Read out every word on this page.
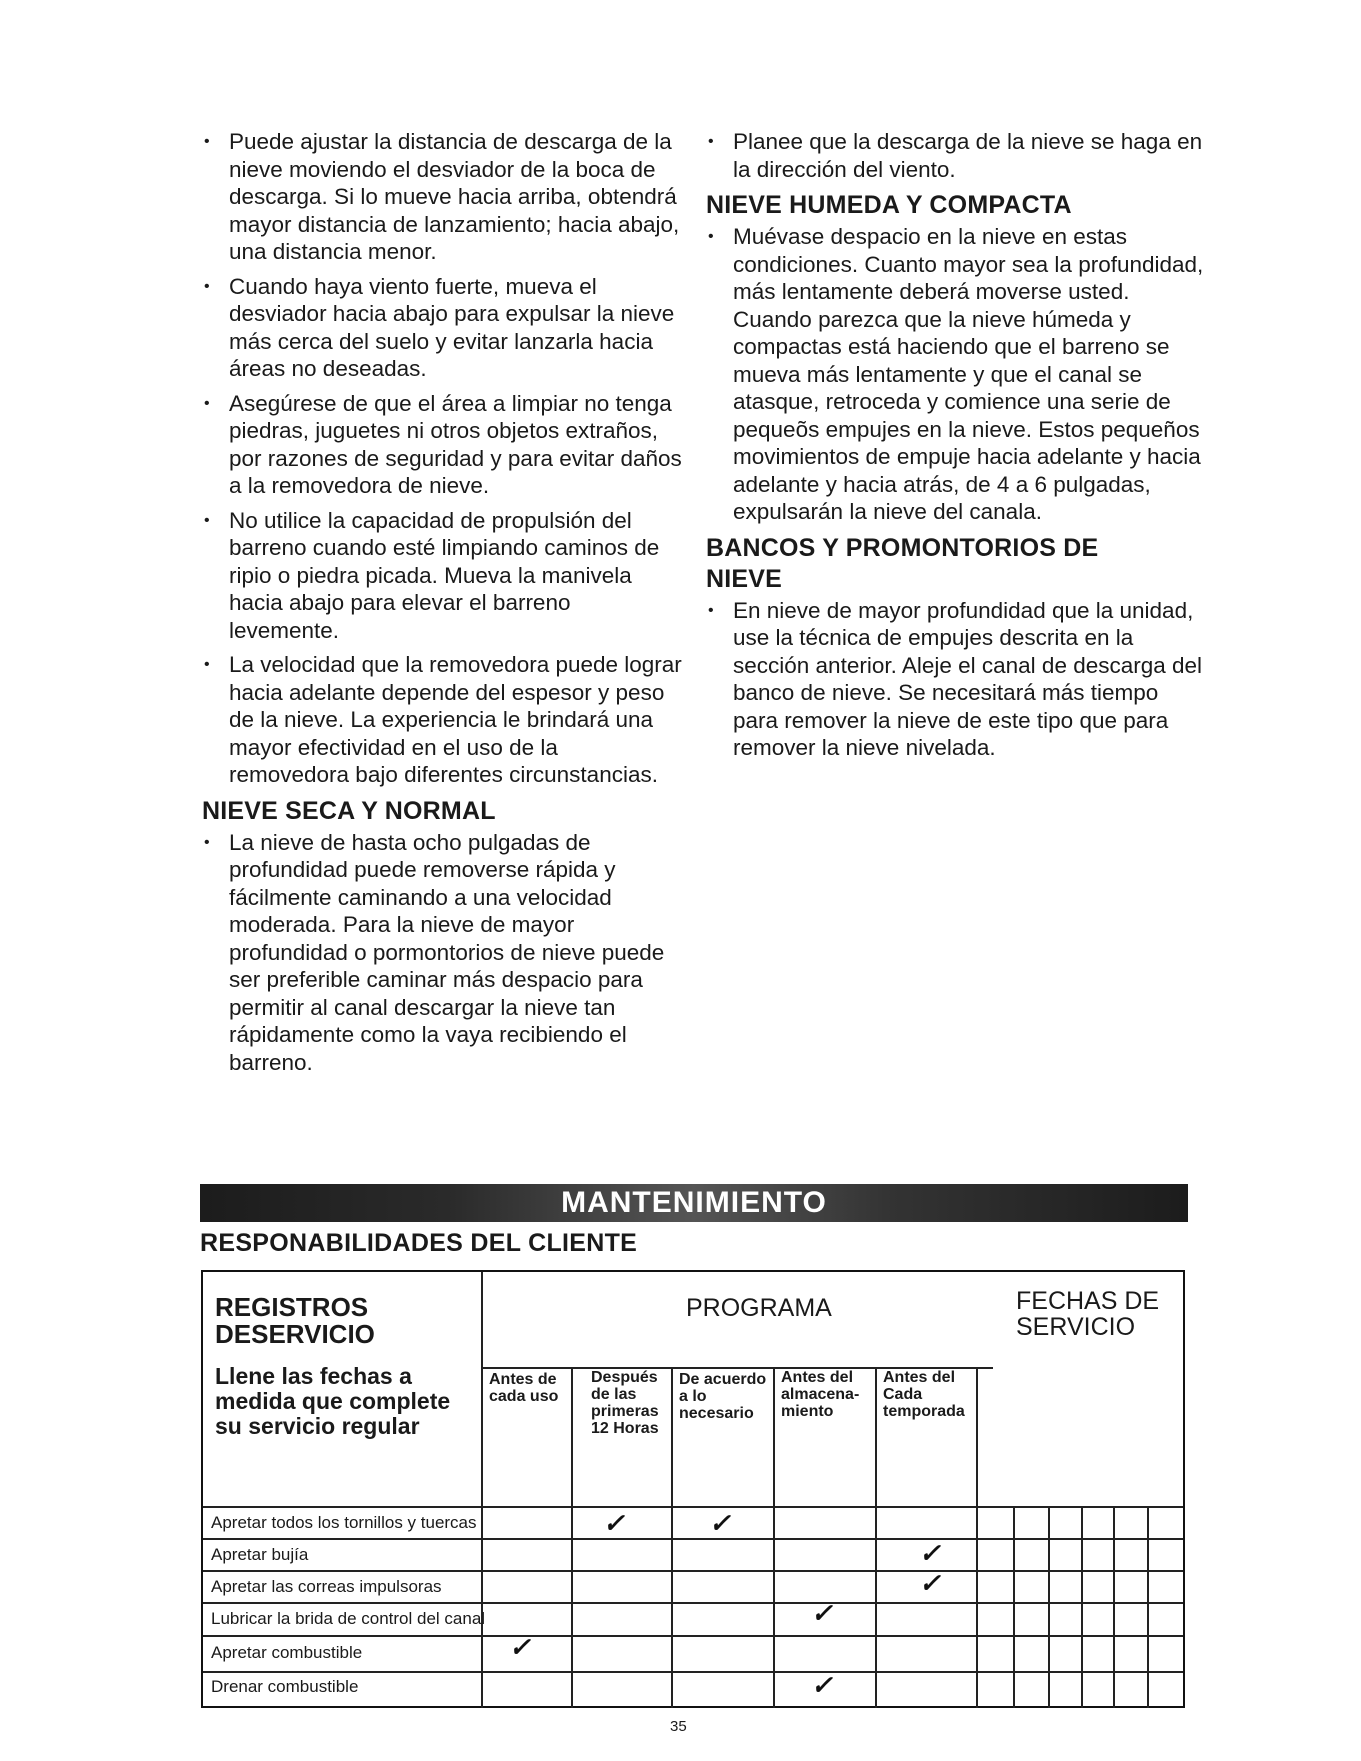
• Puede ajustar la distancia de descarga de la nieve moviendo el desviador de la boca de descarga. Si lo mueve hacia arriba, obtendrá mayor distancia de lanzamiento; hacia abajo, una distancia menor.
• Cuando haya viento fuerte, mueva el desviador hacia abajo para expulsar la nieve más cerca del suelo y evitar lanzarla hacia áreas no deseadas.
• Asegúrese de que el área a limpiar no tenga piedras, juguetes ni otros objetos extraños, por razones de seguridad y para evitar daños a la removedora de nieve.
• No utilice la capacidad de propulsión del barreno cuando esté limpiando caminos de ripio o piedra picada. Mueva la manivela hacia abajo para elevar el barreno levemente.
• La velocidad que la removedora puede lograr hacia adelante depende del espesor y peso de la nieve. La experiencia le brindará una mayor efectividad en el uso de la removedora bajo diferentes circunstancias.
NIEVE SECA Y NORMAL
• La nieve de hasta ocho pulgadas de profundidad puede removerse rápida y fácilmente caminando a una velocidad moderada. Para la nieve de mayor profundidad o pormontorios de nieve puede ser preferible caminar más despacio para permitir al canal descargar la nieve tan rápidamente como la vaya recibiendo el barreno.
• Planee que la descarga de la nieve se haga en la dirección del viento.
NIEVE HUMEDA Y COMPACTA
• Muévase despacio en la nieve en estas condiciones. Cuanto mayor sea la profundidad, más lentamente deberá moverse usted. Cuando parezca que la nieve húmeda y compactas está haciendo que el barreno se mueva más lentamente y que el canal se atasque, retroceda y comience una serie de pequeõs empujes en la nieve. Estos pequeños movimientos de empuje hacia adelante y hacia adelante y hacia atrás, de 4 a 6 pulgadas, expulsarán la nieve del canala.
BANCOS Y PROMONTORIOS DE NIEVE
• En nieve de mayor profundidad que la unidad, use la técnica de empujes descrita en la sección anterior. Aleje el canal de descarga del banco de nieve. Se necesitará más tiempo para remover la nieve de este tipo que para remover la nieve nivelada.
MANTENIMIENTO
RESPONABILIDADES DEL CLIENTE
REGISTROS DESERVICIO
Llene las fechas a medida que complete su servicio regular
PROGRAMA	FECHAS DE SERVICIO
Antes de cada uso
Después de las primeras 12 Horas
De acuerdo a lo necesario
Antes del almacena-miento
Antes del Cada temporada
Apretar todos los tornillos y tuercas
Apretar bujía
Apretar las correas impulsoras
Lubricar la brida de control del canal
Apretar combustible
Drenar combustible
✓	✓
✓
✓
✓
✓
✓
35
